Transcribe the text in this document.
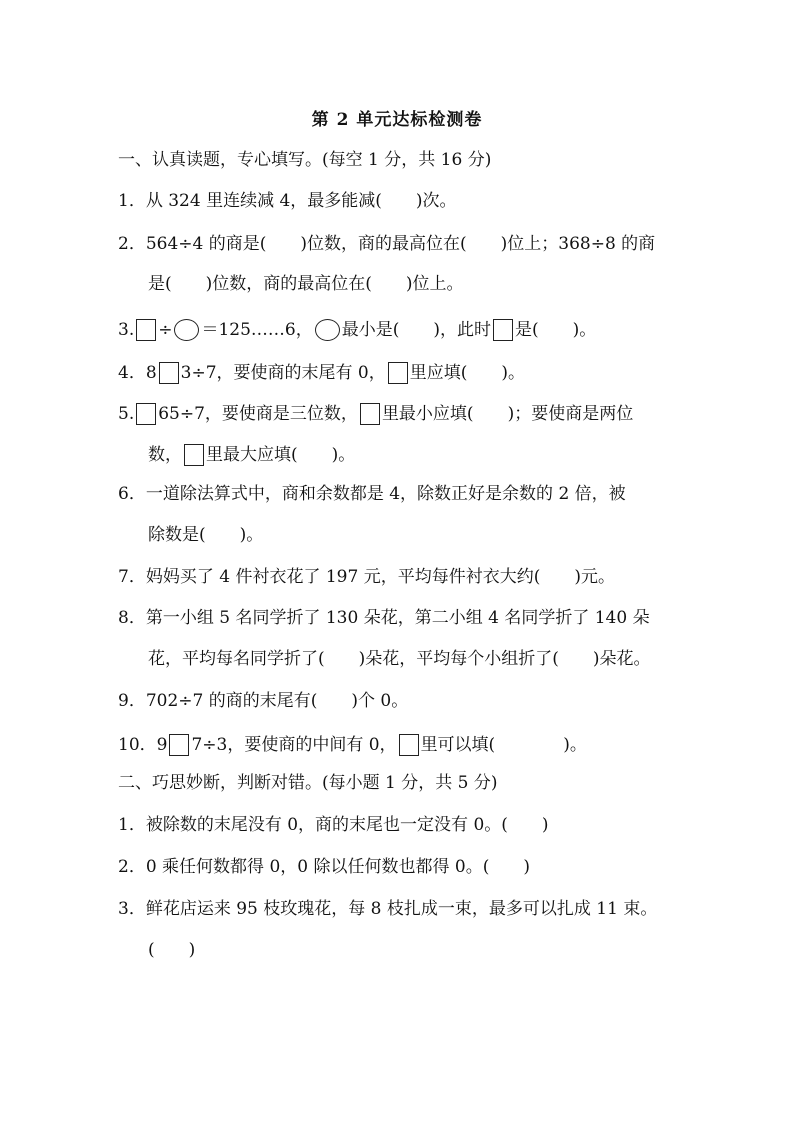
第 2 单元达标检测卷
一、认真读题，专心填写。(每空 1 分，共 16 分)
1．从 324 里连续减 4，最多能减(　　)次。
2．564÷4 的商是(　　)位数，商的最高位在(　　)位上；368÷8 的商
是(　　)位数，商的最高位在(　　)位上。
3. ÷ ＝125……6， 最小是(　　)，此时 是(　　)。
4．8 3÷7，要使商的末尾有 0， 里应填(　　)。
5. 65÷7，要使商是三位数， 里最小应填(　　)；要使商是两位
数， 里最大应填(　　)。
6．一道除法算式中，商和余数都是 4，除数正好是余数的 2 倍，被
除数是(　　)。
7．妈妈买了 4 件衬衣花了 197 元，平均每件衬衣大约(　　)元。
8．第一小组 5 名同学折了 130 朵花，第二小组 4 名同学折了 140 朵
花，平均每名同学折了(　　)朵花，平均每个小组折了(　　)朵花。
9．702÷7 的商的末尾有(　　)个 0。
10．9 7÷3，要使商的中间有 0， 里可以填(　　　　)。
二、巧思妙断，判断对错。(每小题 1 分，共 5 分)
1．被除数的末尾没有 0，商的末尾也一定没有 0。(　　)
2．0 乘任何数都得 0，0 除以任何数也都得 0。(　　)
3．鲜花店运来 95 枝玫瑰花，每 8 枝扎成一束，最多可以扎成 11 束。
(　　)
